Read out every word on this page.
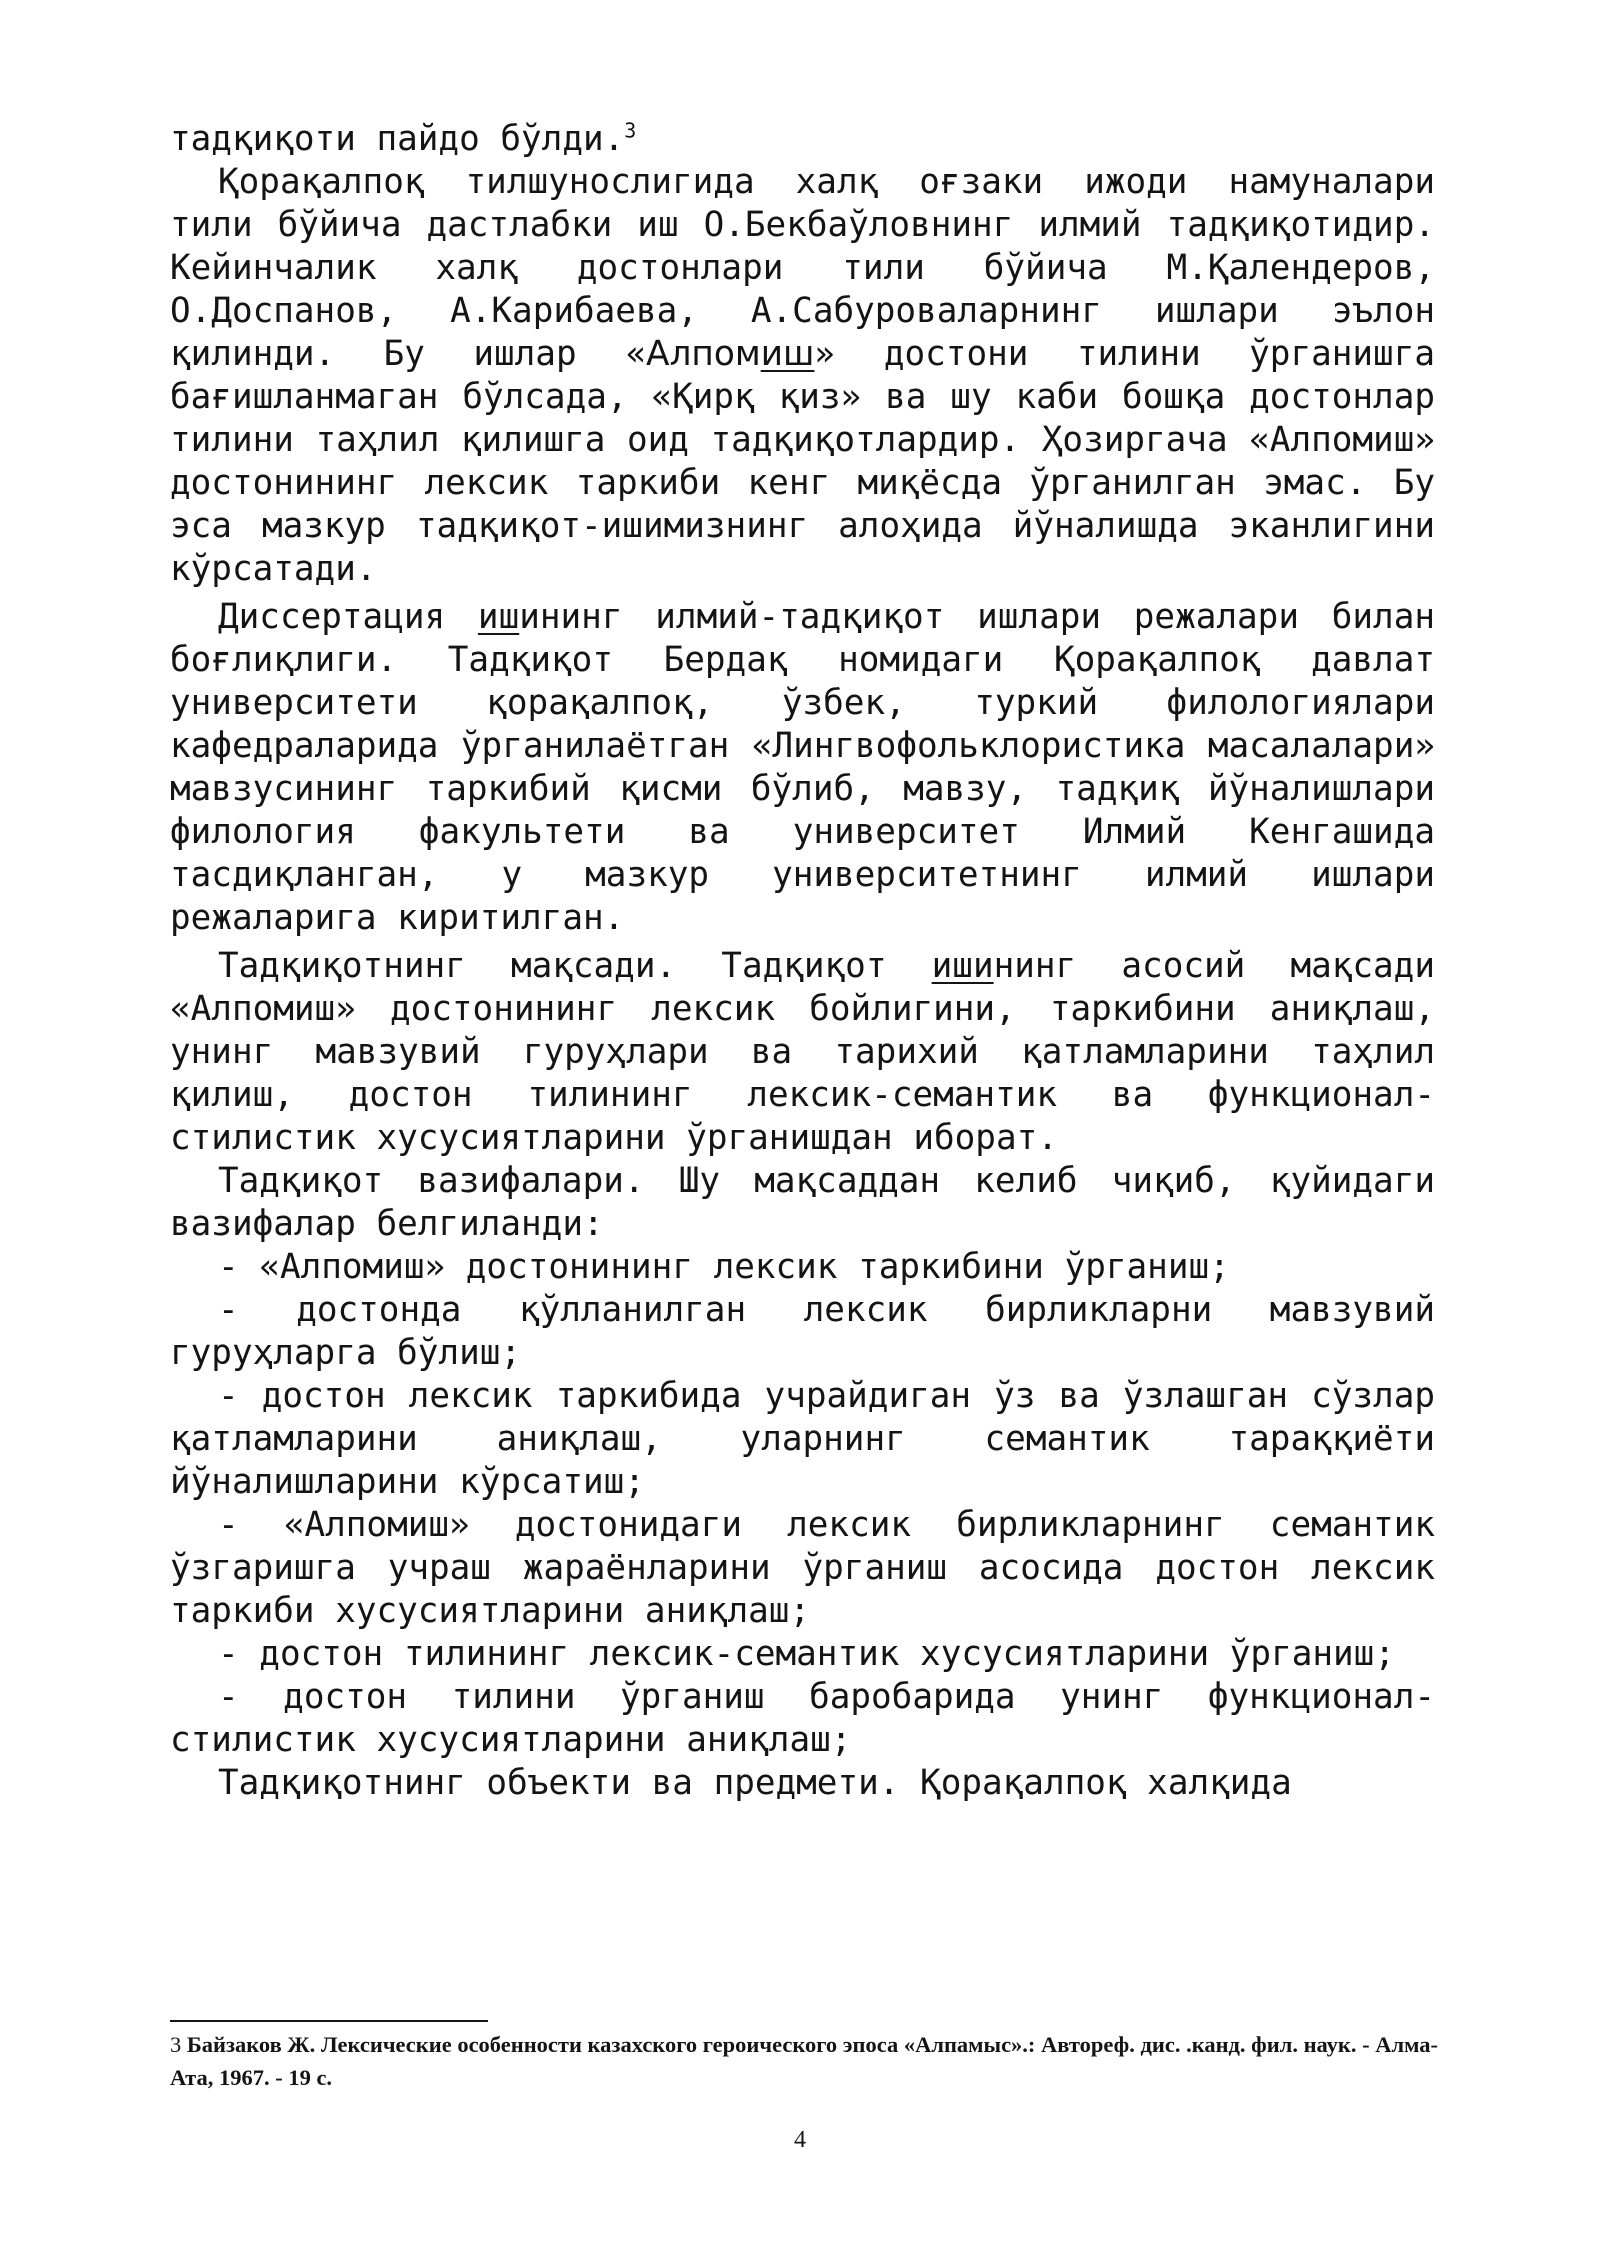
тадқиқоти пайдо бўлди.$^3$

Қорақалпоқ тилшунослигида халқ оғзаки ижоди намуналари тили бўйича дастлабки иш О.Бекбаўловнинг илмий тадқиқотидир. Кейинчалик халқ достонлари тили бўйича М.Қалендеров, О.Доспанов, А.Карибаева, А.Сабуроваларнинг ишлари эълон қилинди. Бу ишлар «Алпомиш» достони тилини ўрганишга бағишланмаган бўлсада, «Қирқ қиз» ва шу каби бошқа достонлар тилини таҳлил қилишга оид тадқиқотлардир. Ҳозиргача «Алпомиш» достонининг лексик таркиби кенг миқёсда ўрганилган эмас. Бу эса мазкур тадқиқот-ишимизнинг алоҳида йўналишда эканлигини кўрсатади.

Диссертация ишининг илмий-тадқиқот ишлари режалари билан боғлиқлиги. Тадқиқот Бердақ номидаги Қорақалпоқ давлат университети қорақалпоқ, ўзбек, туркий филологиялари кафедраларида ўрганилаётган «Лингвофольклористика масалалари» мавзусининг таркибий қисми бўлиб, мавзу, тадқиқ йўналишлари филология факультети ва университет Илмий Кенгашида тасдиқланган, у мазкур университетнинг илмий ишлари режаларига киритилган.

Тадқиқотнинг мақсади. Тадқиқот ишининг асосий мақсади «Алпомиш» достонининг лексик бойлигини, таркибини аниқлаш, унинг мавзувий гуруҳлари ва тарихий қатламларини таҳлил қилиш, достон тилининг лексик-семантик ва функционал-стилистик хусусиятларини ўрганишдан иборат.

Тадқиқот вазифалари. Шу мақсаддан келиб чиқиб, қуйидаги вазифалар белгиланди:

- «Алпомиш» достонининг лексик таркибини ўрганиш;

- достонда қўлланилган лексик бирликларни мавзувий гуруҳларга бўлиш;

- достон лексик таркибида учрайдиган ўз ва ўзлашган сўзлар қатламларини аниқлаш, уларнинг семантик тараққиёти йўналишларини кўрсатиш;

- «Алпомиш» достонидаги лексик бирликларнинг семантик ўзгаришга учраш жараёнларини ўрганиш асосида достон лексик таркиби хусусиятларини аниқлаш;

- достон тилининг лексик-семантик хусусиятларини ўрганиш;

- достон тилини ўрганиш баробарида унинг функционал-стилистик хусусиятларини аниқлаш;

Тадқиқотнинг объекти ва предмети. Қорақалпоқ халқида

3 Байзаков Ж. Лексические особенности казахского героического эпоса «Алпамыс».: Автореф. дис. .канд. фил. наук. - Алма-Ата, 1967. - 19 с.
4
